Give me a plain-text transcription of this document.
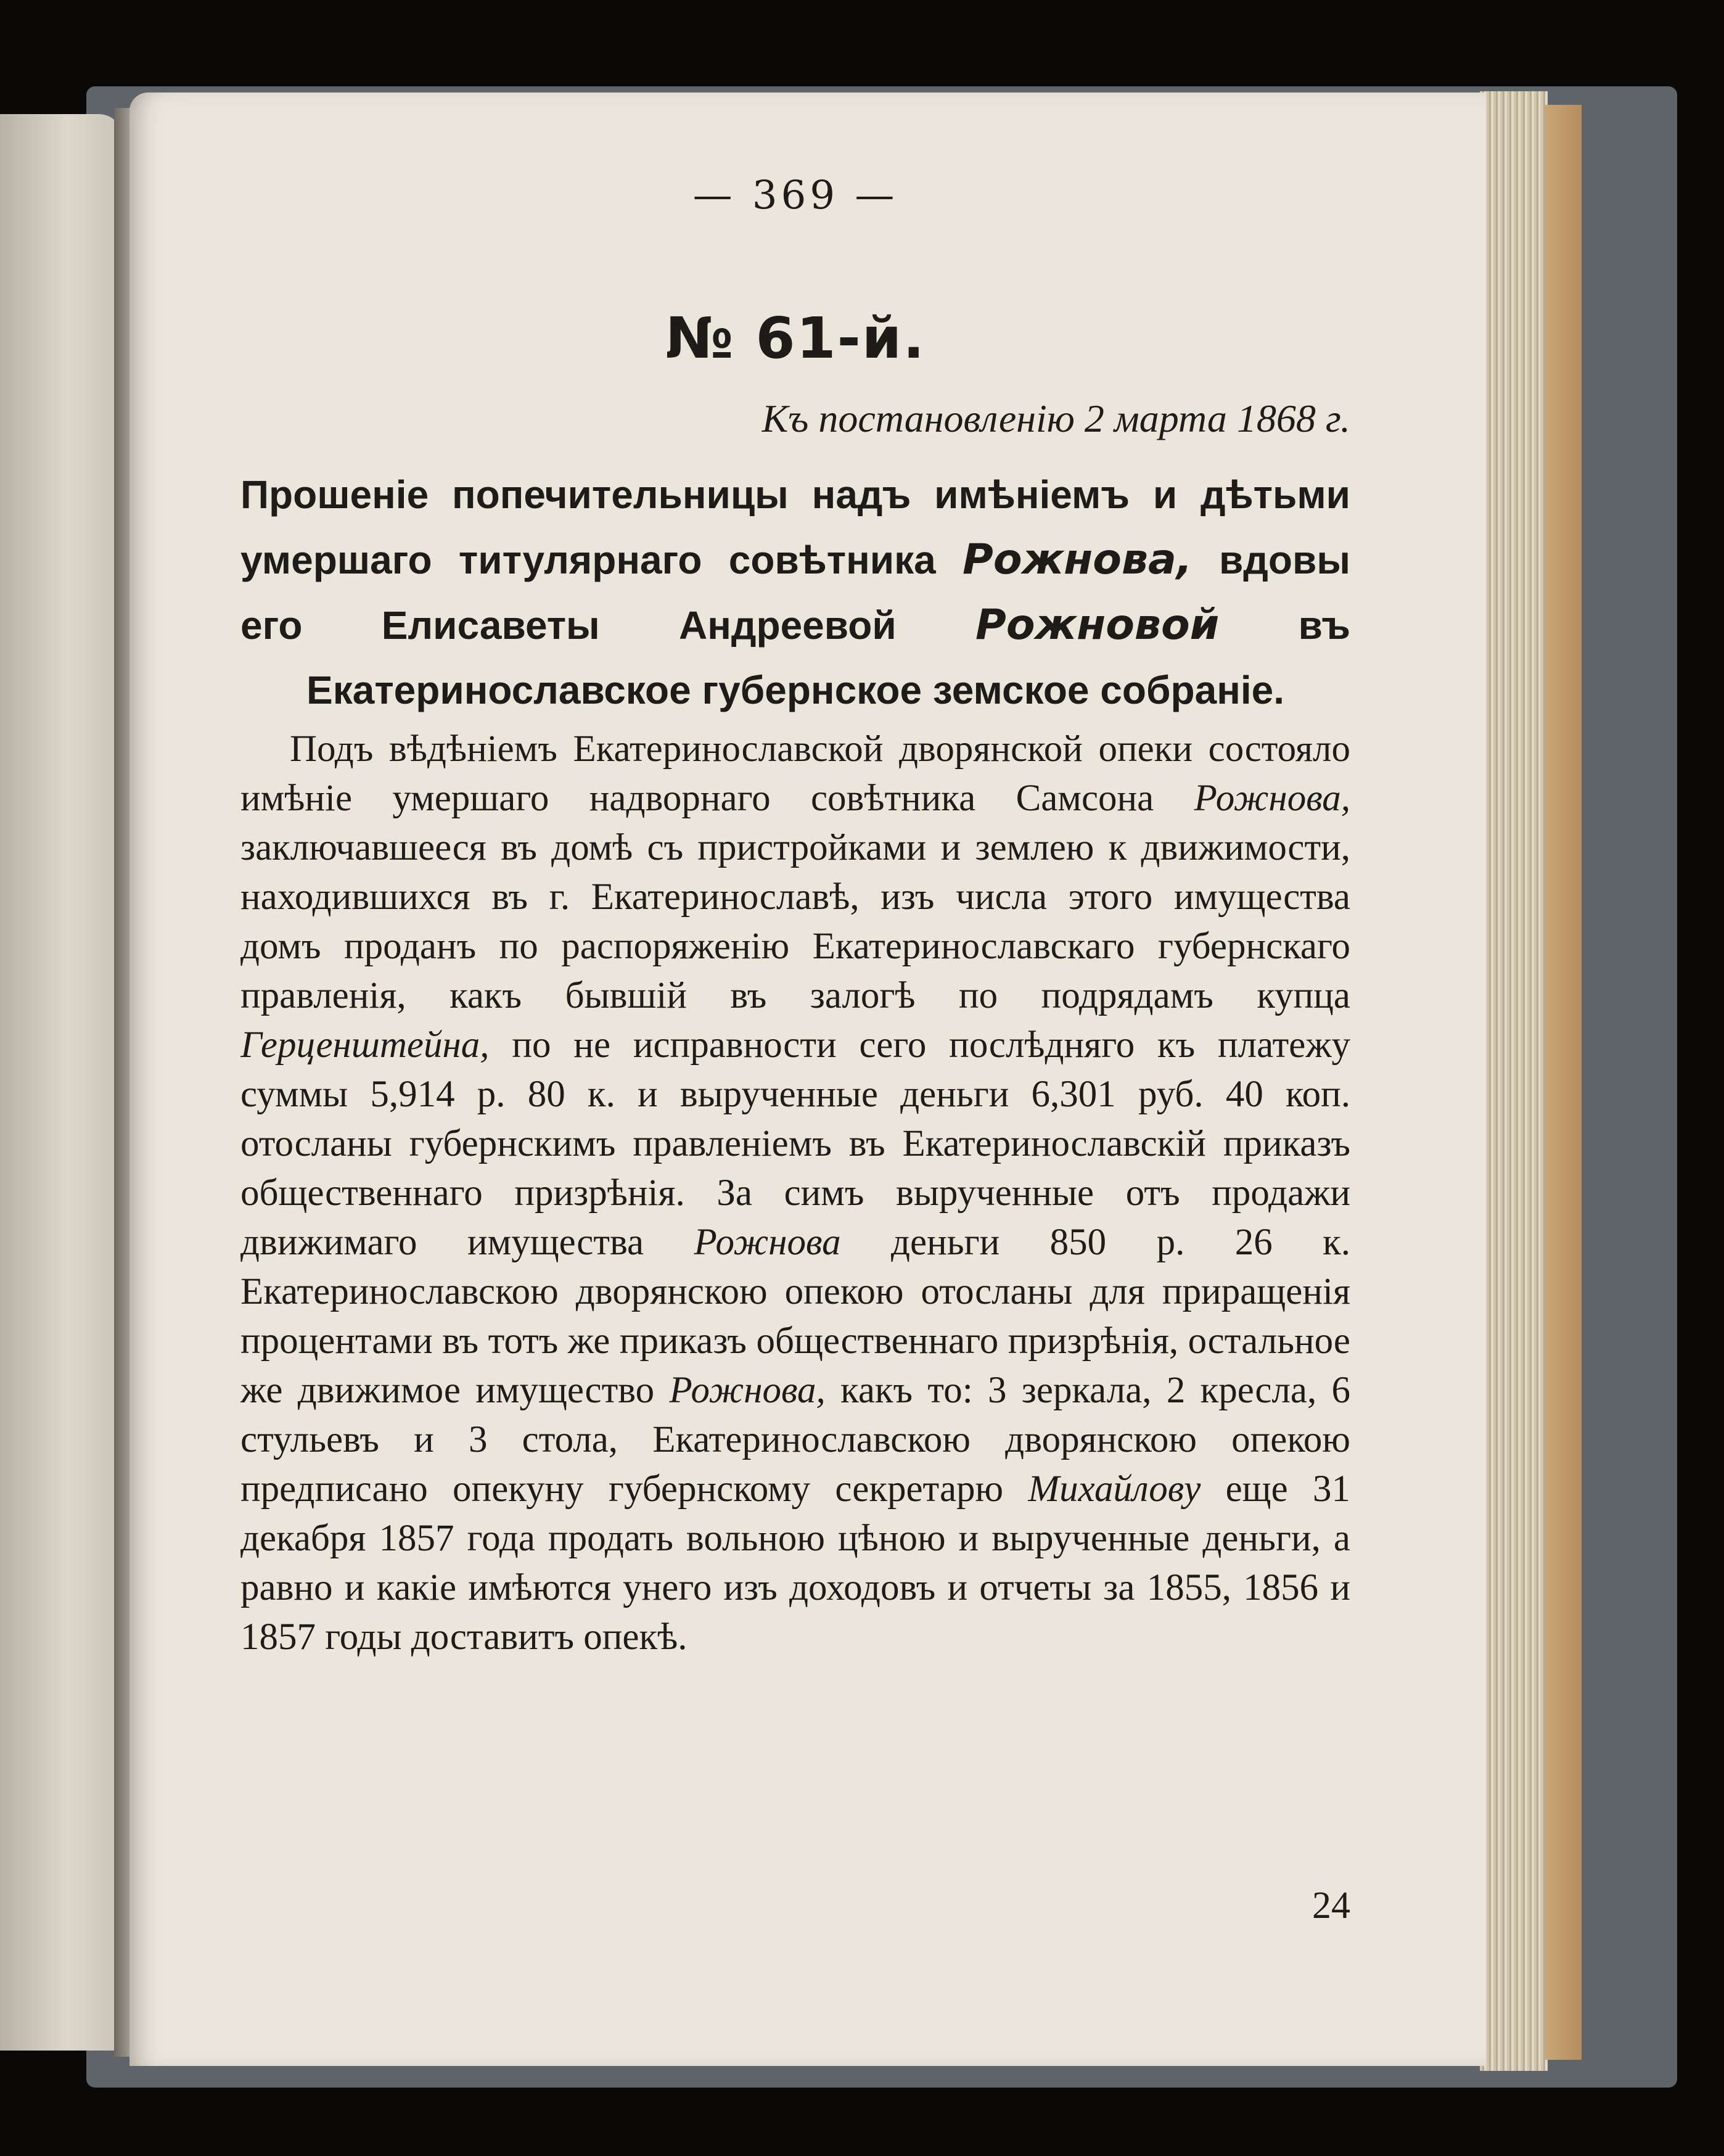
— 369 —
№ 61-й.
Къ постановленію 2 марта 1868 г.
Прошеніе попечительницы надъ имѣніемъ и дѣтьми умершаго титулярнаго совѣтника Рожнова, вдовы его Елисаветы Андреевой Рожновой въ Екатеринославское губернское земское собраніе.
Подъ вѣдѣніемъ Екатеринославской дворянской опеки состояло имѣніе умершаго надворнаго совѣтника Самсона Рожнова, заключавшееся въ домѣ съ пристройками и землею к движимости, находившихся въ г. Екатеринославѣ, изъ числа этого имущества домъ проданъ по распоряженію Екатеринославскаго губернскаго правленія, какъ бывшій въ залогѣ по подрядамъ купца Герценштейна, по не исправности сего послѣдняго къ платежу суммы 5,914 р. 80 к. и вырученные деньги 6,301 руб. 40 коп. отосланы губернскимъ правленіемъ въ Екатеринославскій приказъ общественнаго призрѣнія. За симъ вырученные отъ продажи движимаго имущества Рожнова деньги 850 р. 26 к. Екатеринославскою дворянскою опекою отосланы для приращенія процентами въ тотъ же приказъ общественнаго призрѣнія, остальное же движимое имущество Рожнова, какъ то: 3 зеркала, 2 кресла, 6 стульевъ и 3 стола, Екатеринославскою дворянскою опекою предписано опекуну губернскому секретарю Михайлову еще 31 декабря 1857 года продать вольною цѣною и вырученные деньги, а равно и какіе имѣются унего изъ доходовъ и отчеты за 1855, 1856 и 1857 годы доставитъ опекѣ.
24
